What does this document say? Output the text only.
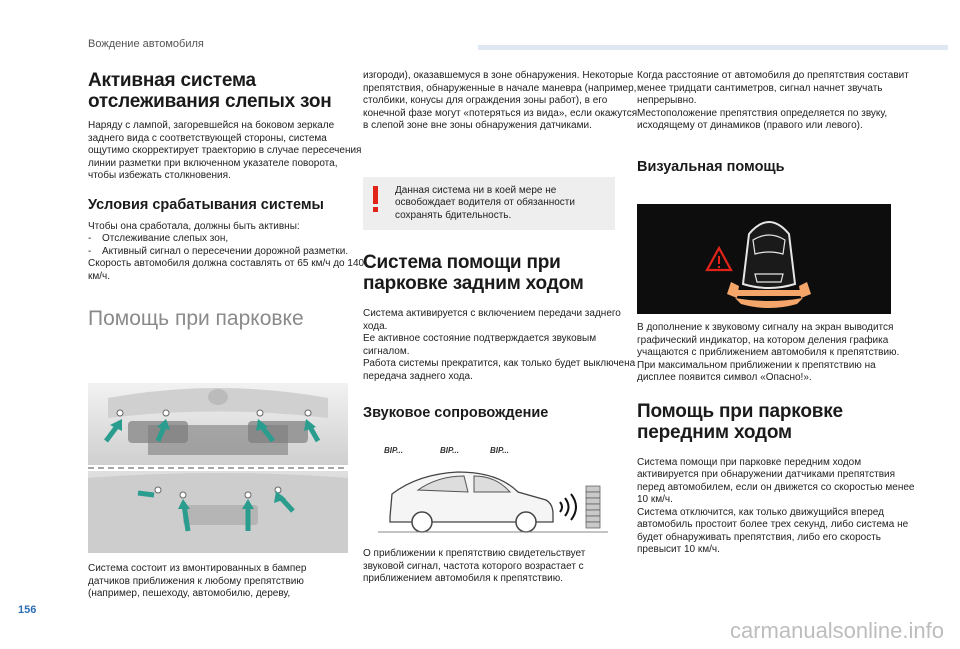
Вождение автомобиля
Активная система
отслеживания слепых зон

Наряду с лампой, загоревшейся на боковом зеркале заднего вида с соответствующей стороны, система ощутимо скорректирует траекторию в случае пересечения линии разметки при включенном указателе поворота, чтобы избежать столкновения.

Условия срабатывания системы

Чтобы она сработала, должны быть активны:

- Отслеживание слепых зон,
- Активный сигнал о пересечении дорожной разметки.

Скорость автомобиля должна составлять от 65 км/ч до 140 км/ч.

Помощь при парковке

Система состоит из вмонтированных в бампер датчиков приближения к любому препятствию (например, пешеходу, автомобилю, дереву,

изгороди), оказавшемуся в зоне обнаружения. Некоторые препятствия, обнаруженные в начале маневра (например, столбики, конусы для ограждения зоны работ), в его конечной фазе могут «потеряться из вида», если окажутся в слепой зоне вне зоны обнаружения датчиками.

Данная система ни в коей мере не освобождает водителя от обязанности сохранять бдительность.

Система помощи при парковке задним ходом

Система активируется с включением передачи заднего хода.
Ее активное состояние подтверждается звуковым сигналом.
Работа системы прекратится, как только будет выключена передача заднего хода.

Звуковое сопровождение
BIP...	BIP...	BIP...

О приближении к препятствию свидетельствует звуковой сигнал, частота которого возрастает с приближением автомобиля к препятствию.

Когда расстояние от автомобиля до препятствия составит менее тридцати сантиметров, сигнал начнет звучать непрерывно.
Местоположение препятствия определяется по звуку, исходящему от динамиков (правого или левого).

Визуальная помощь

В дополнение к звуковому сигналу на экран выводится графический индикатор, на котором деления графика учащаются с приближением автомобиля к препятствию. При максимальном приближении к препятствию на дисплее появится символ «Опасно!».

Помощь при парковке передним ходом

Система помощи при парковке передним ходом активируется при обнаружении датчиками препятствия перед автомобилем, если он движется со скоростью менее 10 км/ч.
Система отключится, как только движущийся вперед автомобиль простоит более трех секунд, либо система не будет обнаруживать препятствия, либо его скорость превысит 10 км/ч.

156
carmanualsonline.info
